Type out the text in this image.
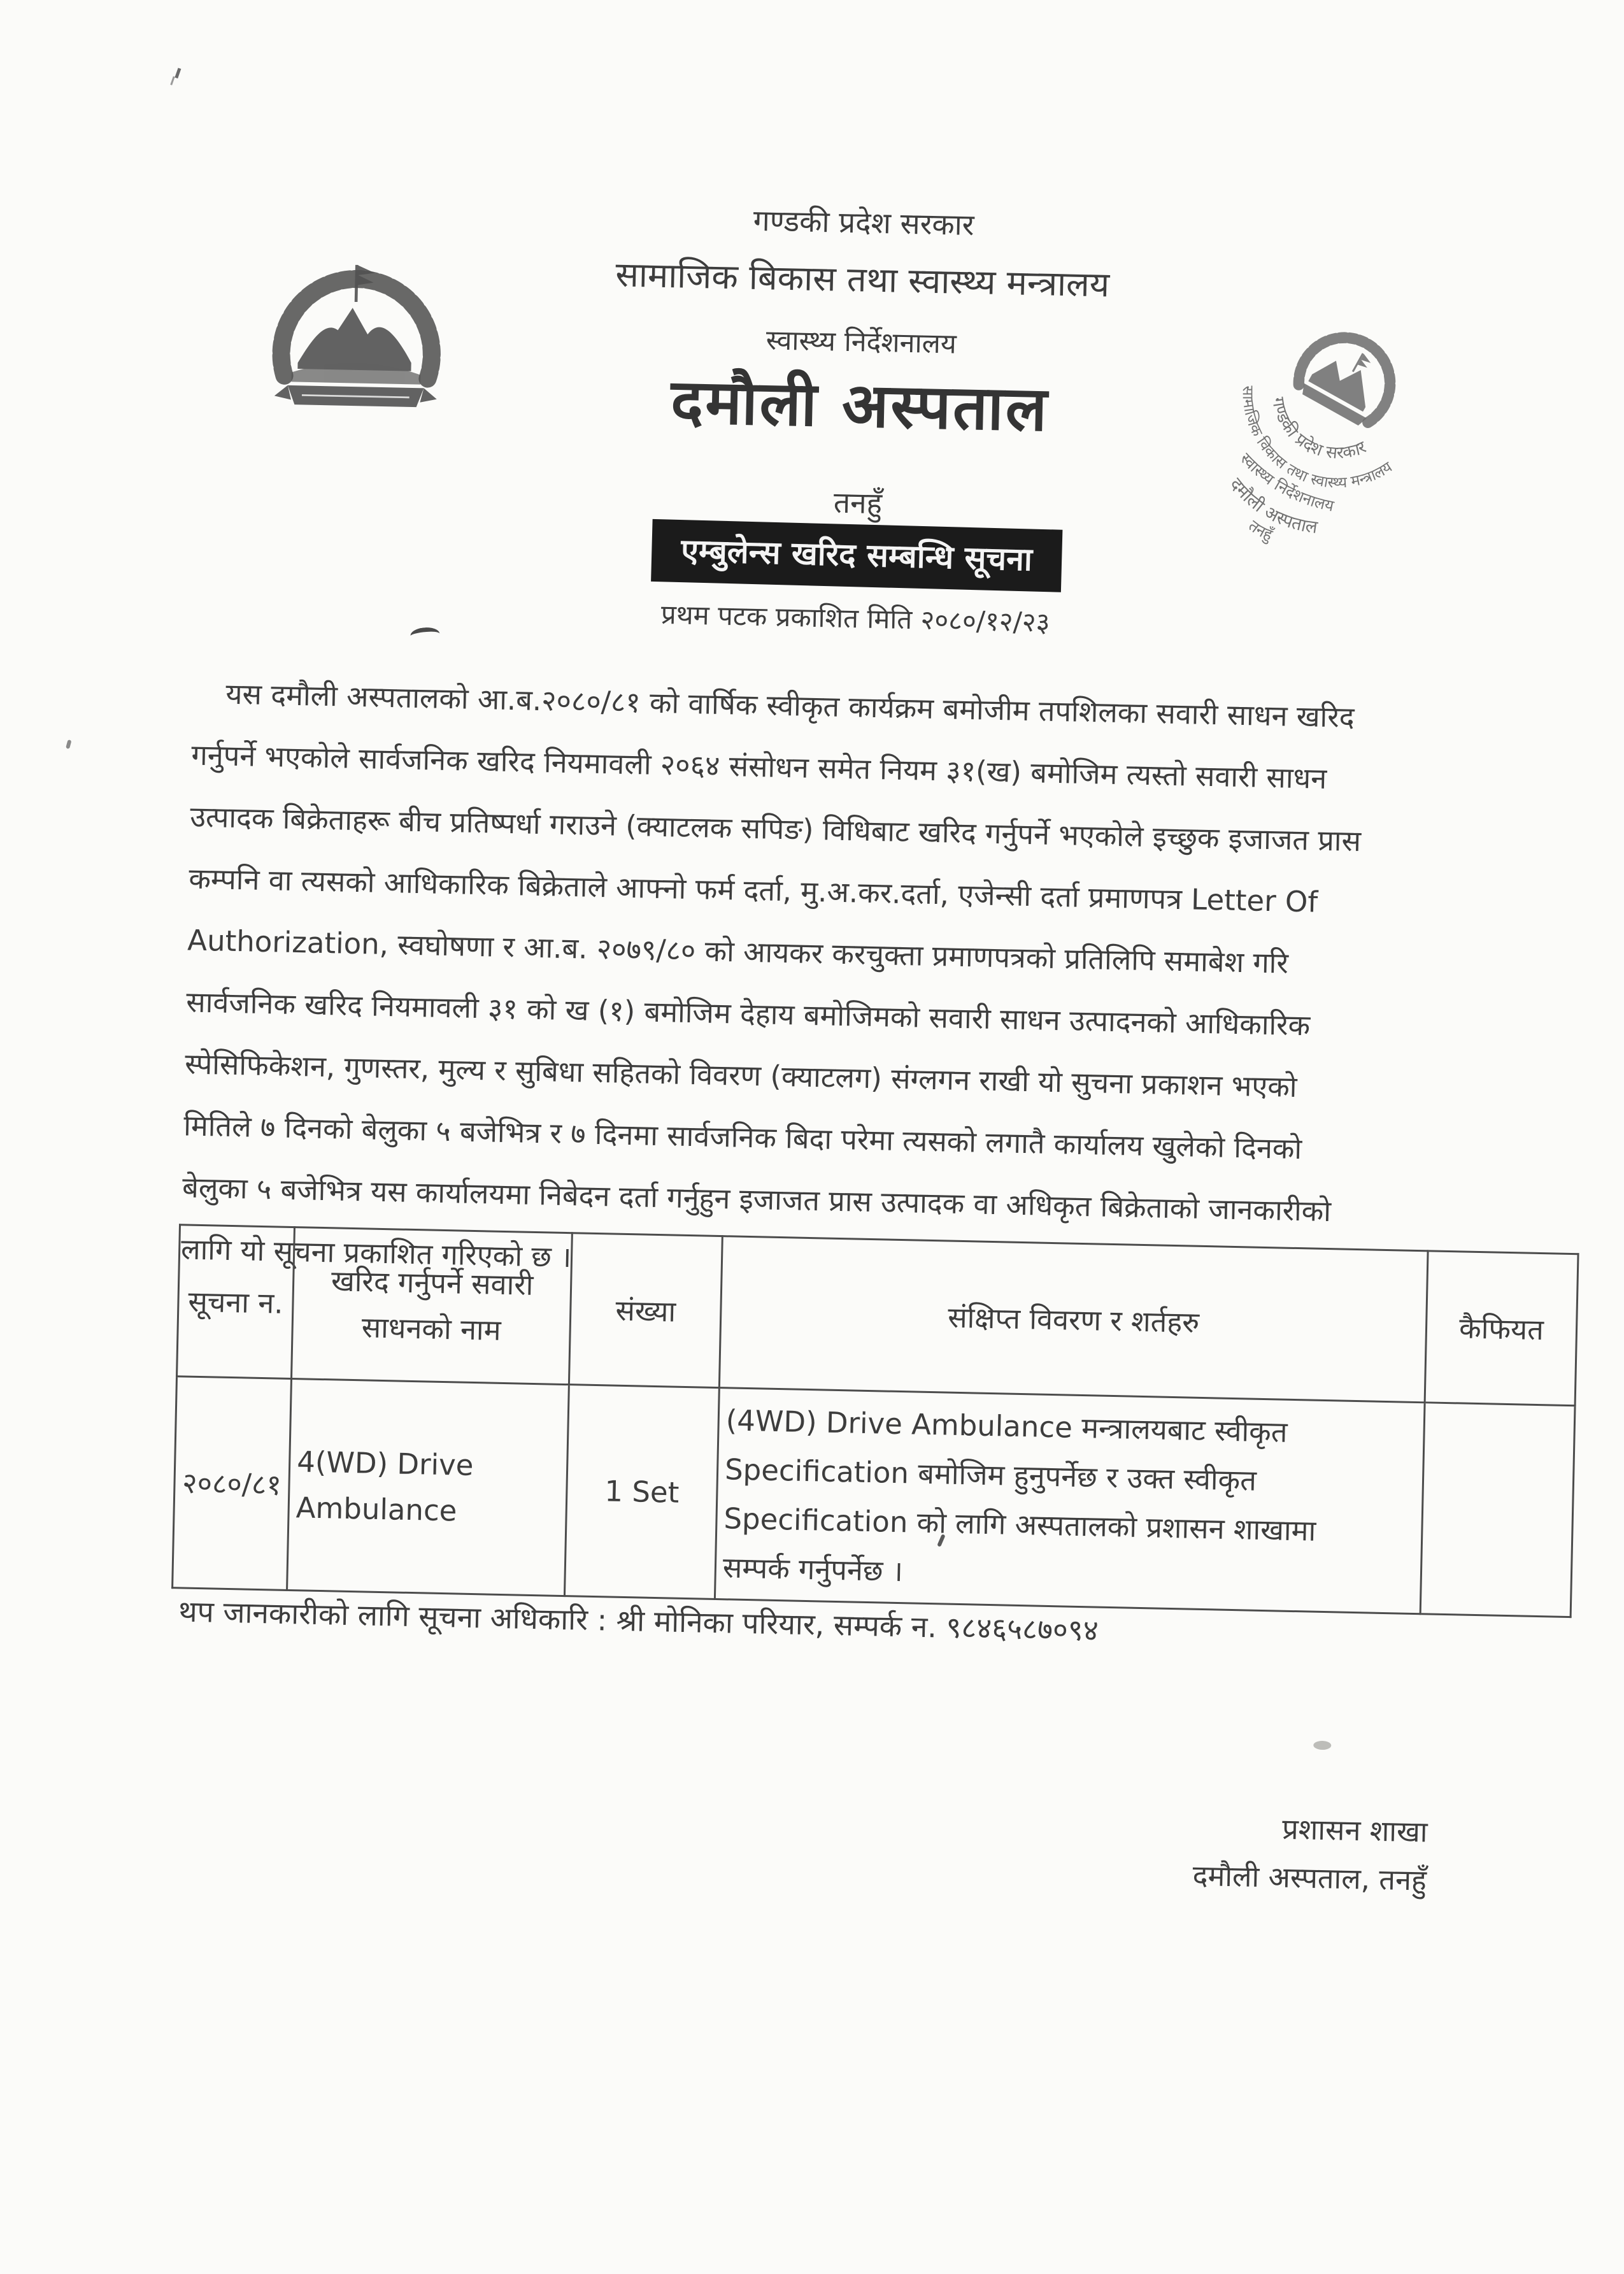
गण्डकी प्रदेश सरकार
सामाजिक बिकास तथा स्वास्थ्य मन्त्रालय
स्वास्थ्य निर्देशनालय
दमौली अस्पताल
तनहुँ
एम्बुलेन्स खरिद सम्बन्धि सूचना
प्रथम पटक प्रकाशित मिति २०८०/१२/२३
गण्डकी प्रदेश सरकार
सामाजिक विकास तथा स्वास्थ्य मन्त्रालय
स्वास्थ्य निर्देशनालय
दमौली अस्पताल
तनहुँ
यस दमौली अस्पतालको आ.ब.२०८०/८१ को वार्षिक स्वीकृत कार्यक्रम बमोजीम तपशिलका सवारी साधन खरिद
गर्नुपर्ने भएकोले सार्वजनिक खरिद नियमावली २०६४ संसोधन समेत नियम ३१(ख) बमोजिम त्यस्तो सवारी साधन
उत्पादक बिक्रेताहरू बीच प्रतिष्पर्धा गराउने (क्याटलक सपिङ) विधिबाट खरिद गर्नुपर्ने भएकोले इच्छुक इजाजत प्रास
कम्पनि वा त्यसको आधिकारिक बिक्रेताले आफ्नो फर्म दर्ता, मु.अ.कर.दर्ता, एजेन्सी दर्ता प्रमाणपत्र Letter Of
Authorization, स्वघोषणा र आ.ब. २०७९/८० को आयकर करचुक्ता प्रमाणपत्रको प्रतिलिपि समाबेश गरि
सार्वजनिक खरिद नियमावली ३१ को ख (१) बमोजिम देहाय बमोजिमको सवारी साधन उत्पादनको आधिकारिक
स्पेसिफिकेशन, गुणस्तर, मुल्य र सुबिधा सहितको विवरण (क्याटलग) संग्लगन राखी यो सुचना प्रकाशन भएको
मितिले ७ दिनको बेलुका ५ बजेभित्र र ७ दिनमा सार्वजनिक बिदा परेमा त्यसको लगातै कार्यालय खुलेको दिनको
बेलुका ५ बजेभित्र यस कार्यालयमा निबेदन दर्ता गर्नुहुन इजाजत प्रास उत्पादक वा अधिकृत बिक्रेताको जानकारीको
लागि यो सूचना प्रकाशित गरिएको छ ।
सूचना न.	खरिद गर्नुपर्ने सवारी साधनको नाम	संख्या	संक्षिप्त विवरण र शर्तहरु	कैफियत
२०८०/८१	4(WD) Drive Ambulance	1 Set	(4WD) Drive Ambulance मन्त्रालयबाट स्वीकृत
Specification बमोजिम हुनुपर्नेछ र उक्त स्वीकृत
Specification को लागि अस्पतालको प्रशासन शाखामा
सम्पर्क गर्नुपर्नेछ ।	

थप जानकारीको लागि सूचना अधिकारि : श्री मोनिका परियार, सम्पर्क न. ९८४६५८७०९४
प्रशासन शाखा
दमौली अस्पताल, तनहुँ
